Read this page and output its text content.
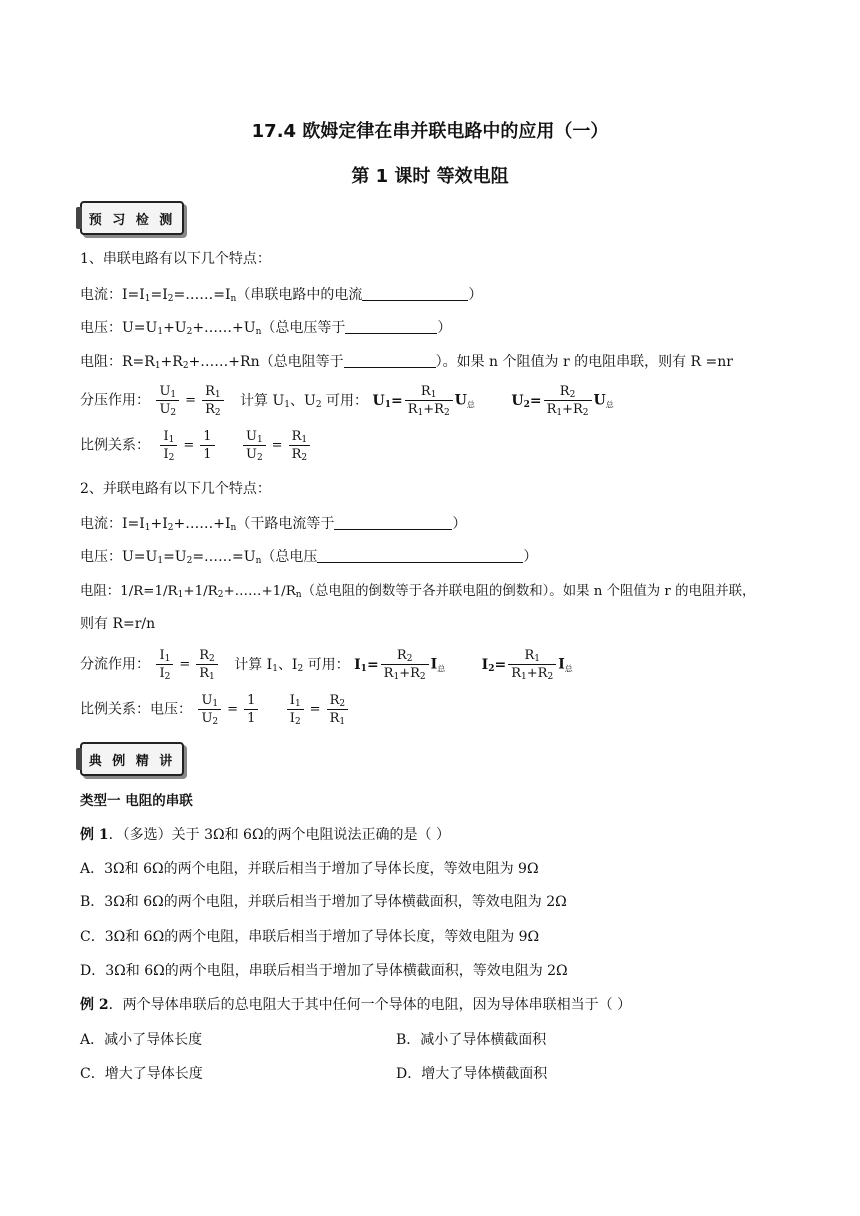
17.4 欧姆定律在串并联电路中的应用（一）
第 1 课时 等效电阻
预 习 检 测
1、串联电路有以下几个特点：
电流：$I=I_1=I_2=\dots\dots=I_n$（串联电路中的电流	）
电压：$U=U_1+U_2+\dots\dots+U_n$（总电压等于	）
电阻：$R=R_1+R_2+\dots\dots+Rn$（总电阻等于	）。如果 n 个阻值为 r 的电阻串联，则有 R =nr
分压作用： $\frac{U_1}{U_2} = \frac{R_1}{R_2}$ 计算 $U_1$、$U_2$ 可用： $U_1= \frac{R_1}{R_1+R_2} U_总$	$U_2= \frac{R_2}{R_1+R_2} U_总$
比例关系： $\frac{I_1}{I_2} = \frac{1}{1}$
$\frac{U_1}{U_2} = \frac{R_1}{R_2}$
2、并联电路有以下几个特点：
电流：$I=I_1+I_2+\dots\dots+I_n$（干路电流等于	）
电压：$U=U_1=U_2=\dots\dots=U_n$（总电压	）
电阻：$1/R=1/R_1+1/R_2+\dots\dots+1/R_n$（总电阻的倒数等于各并联电阻的倒数和）。如果 n 个阻值为 r 的电阻并联，
则有 R=r/n
分流作用： $\frac{I_1}{I_2} = \frac{R_2}{R_1}$ 计算 $I_1$、$I_2$ 可用： $I_1= \frac{R_2}{R_1+R_2} I_总$	$I_2= \frac{R_1}{R_1+R_2} I_总$
比例关系：电压： $\frac{U_1}{U_2} = \frac{1}{1}$
$\frac{I_1}{I_2} = \frac{R_2}{R_1}$
典 例 精 讲
类型一 电阻的串联
例 1．（多选）关于 3Ω和 6Ω的两个电阻说法正确的是（ ）
A．3Ω和 6Ω的两个电阻，并联后相当于增加了导体长度，等效电阻为 9Ω
B．3Ω和 6Ω的两个电阻，并联后相当于增加了导体横截面积，等效电阻为 2Ω
C．3Ω和 6Ω的两个电阻，串联后相当于增加了导体长度，等效电阻为 9Ω
D．3Ω和 6Ω的两个电阻，串联后相当于增加了导体横截面积，等效电阻为 2Ω
例 2．两个导体串联后的总电阻大于其中任何一个导体的电阻，因为导体串联相当于（ ）
A．减小了导体长度	B．减小了导体横截面积
C．增大了导体长度	D．增大了导体横截面积
